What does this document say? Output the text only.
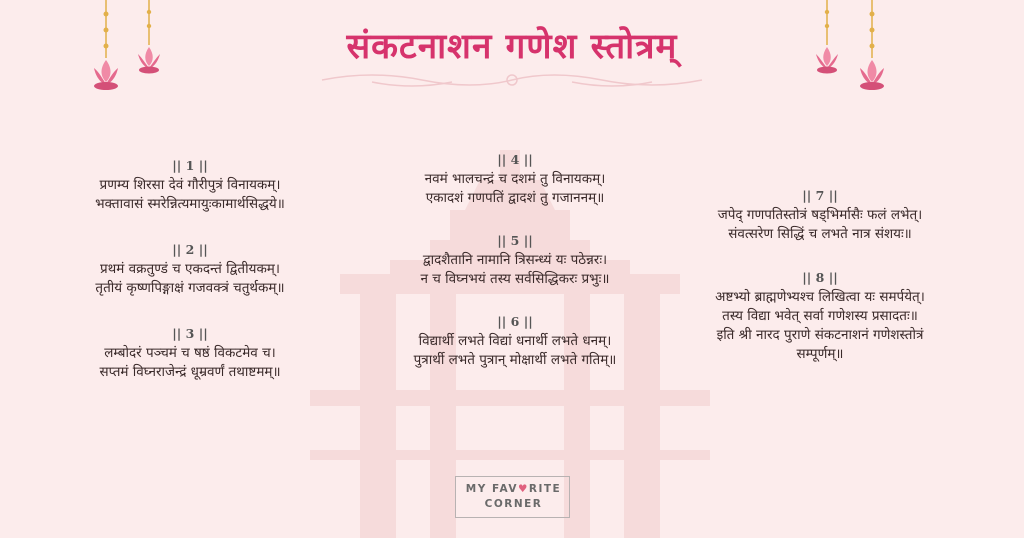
संकटनाशन गणेश स्तोत्रम्
|| 1 ||
प्रणम्य शिरसा देवं गौरीपुत्रं विनायकम्।
भक्तावासं स्मरेन्नित्यमायुःकामार्थसिद्धये॥
|| 2 ||
प्रथमं वक्रतुण्डं च एकदन्तं द्वितीयकम्।
तृतीयं कृष्णपिङ्गाक्षं गजवक्त्रं चतुर्थकम्॥
|| 3 ||
लम्बोदरं पञ्चमं च षष्ठं विकटमेव च।
सप्तमं विघ्नराजेन्द्रं धूम्रवर्णं तथाष्टमम्॥
|| 4 ||
नवमं भालचन्द्रं च दशमं तु विनायकम्।
एकादशं गणपतिं द्वादशं तु गजाननम्॥
|| 5 ||
द्वादशैतानि नामानि त्रिसन्ध्यं यः पठेन्नरः।
न च विघ्नभयं तस्य सर्वसिद्धिकरः प्रभुः॥
|| 6 ||
विद्यार्थी लभते विद्यां धनार्थी लभते धनम्।
पुत्रार्थी लभते पुत्रान् मोक्षार्थी लभते गतिम्॥
|| 7 ||
जपेद् गणपतिस्तोत्रं षड्भिर्मासैः फलं लभेत्।
संवत्सरेण सिद्धिं च लभते नात्र संशयः॥
|| 8 ||
अष्टभ्यो ब्राह्मणेभ्यश्च लिखित्वा यः समर्पयेत्।
तस्य विद्या भवेत् सर्वा गणेशस्य प्रसादतः॥
इति श्री नारद पुराणे संकटनाशनं गणेशस्तोत्रं
सम्पूर्णम्॥
MY FAV♥RITE
CORNER
